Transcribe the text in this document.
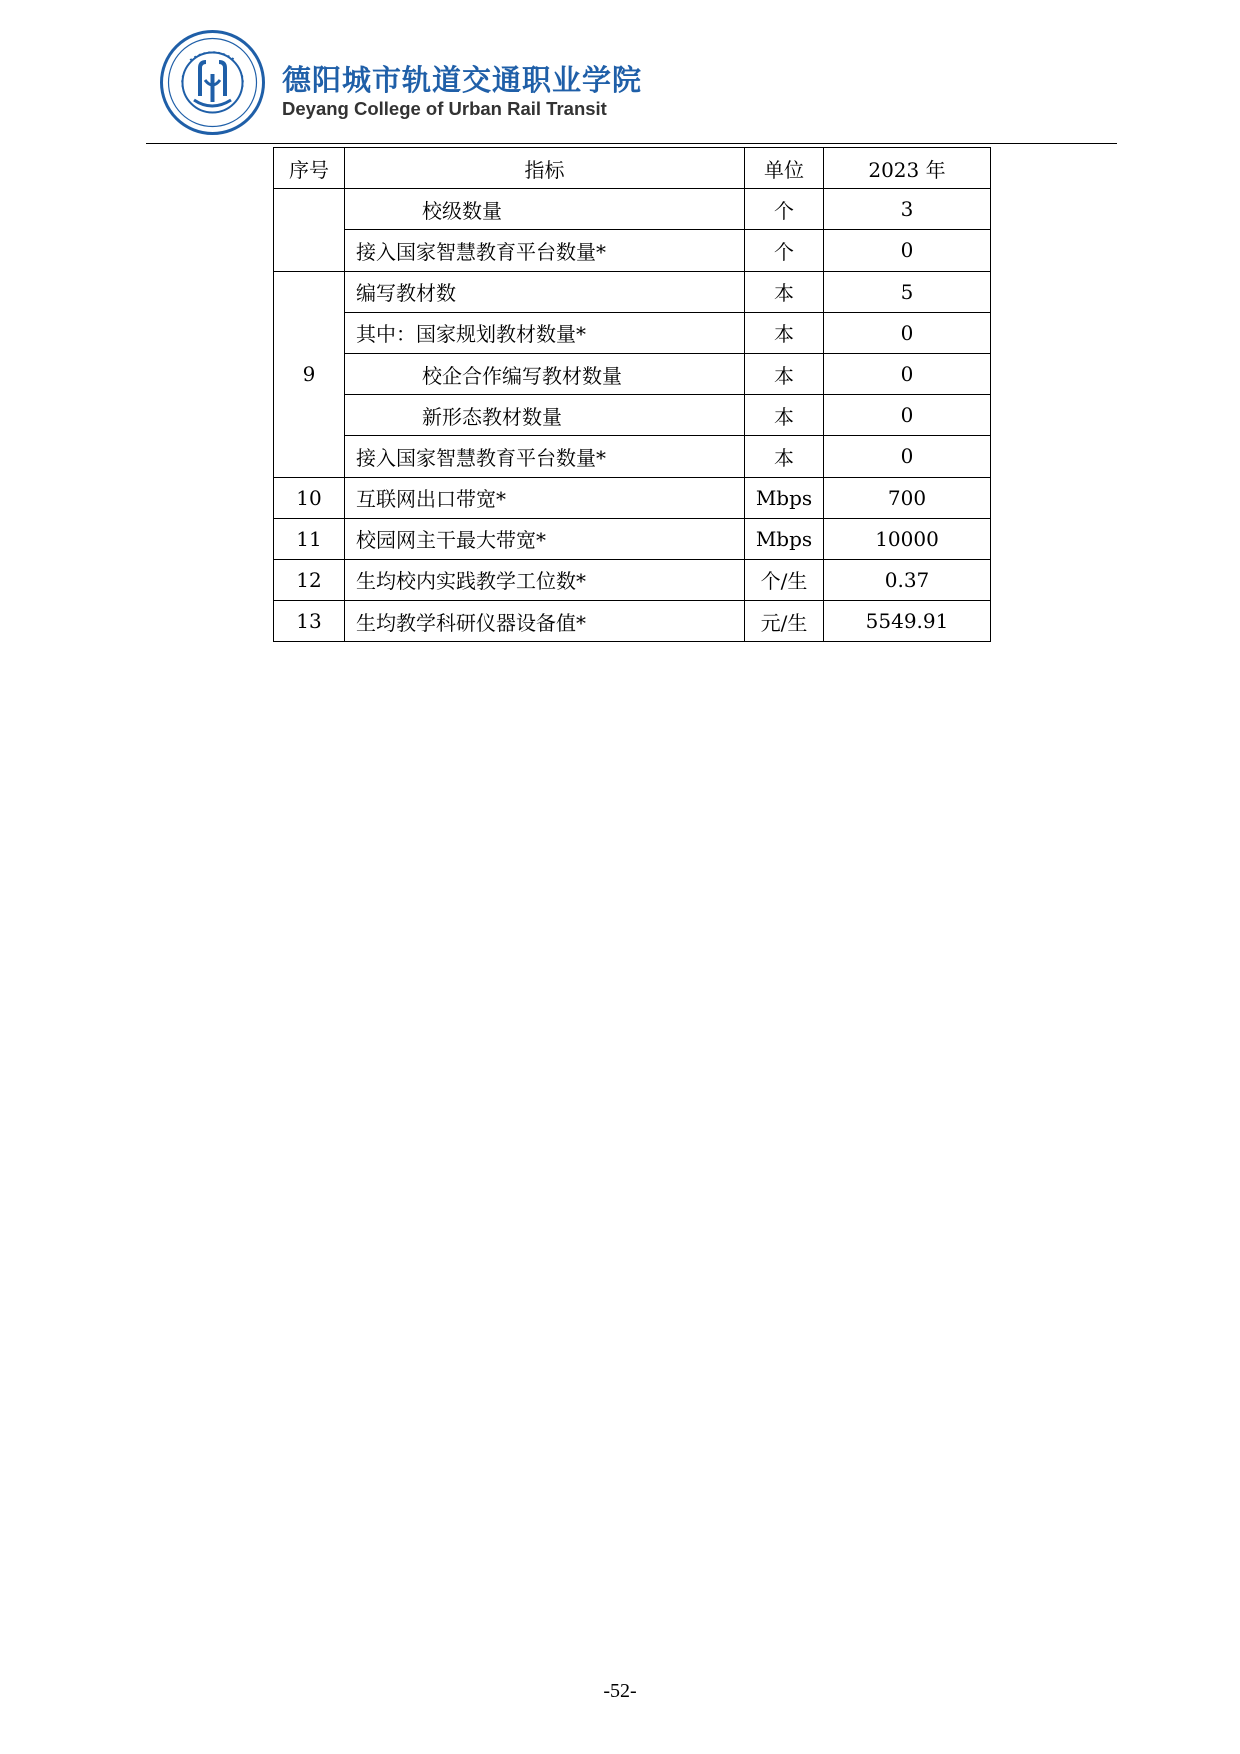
德阳城市轨道交通职业学院
Deyang College of Urban Rail Transit
序号	指标	单位	2023 年
	校级数量	个	3
	接入国家智慧教育平台数量*	个	0
9	编写教材数	本	5
	其中：国家规划教材数量*	本	0
	校企合作编写教材数量	本	0
	新形态教材数量	本	0
	接入国家智慧教育平台数量*	本	0
10	互联网出口带宽*	Mbps	700
11	校园网主干最大带宽*	Mbps	10000
12	生均校内实践教学工位数*	个/生	0.37
13	生均教学科研仪器设备值*	元/生	5549.91
-52-
